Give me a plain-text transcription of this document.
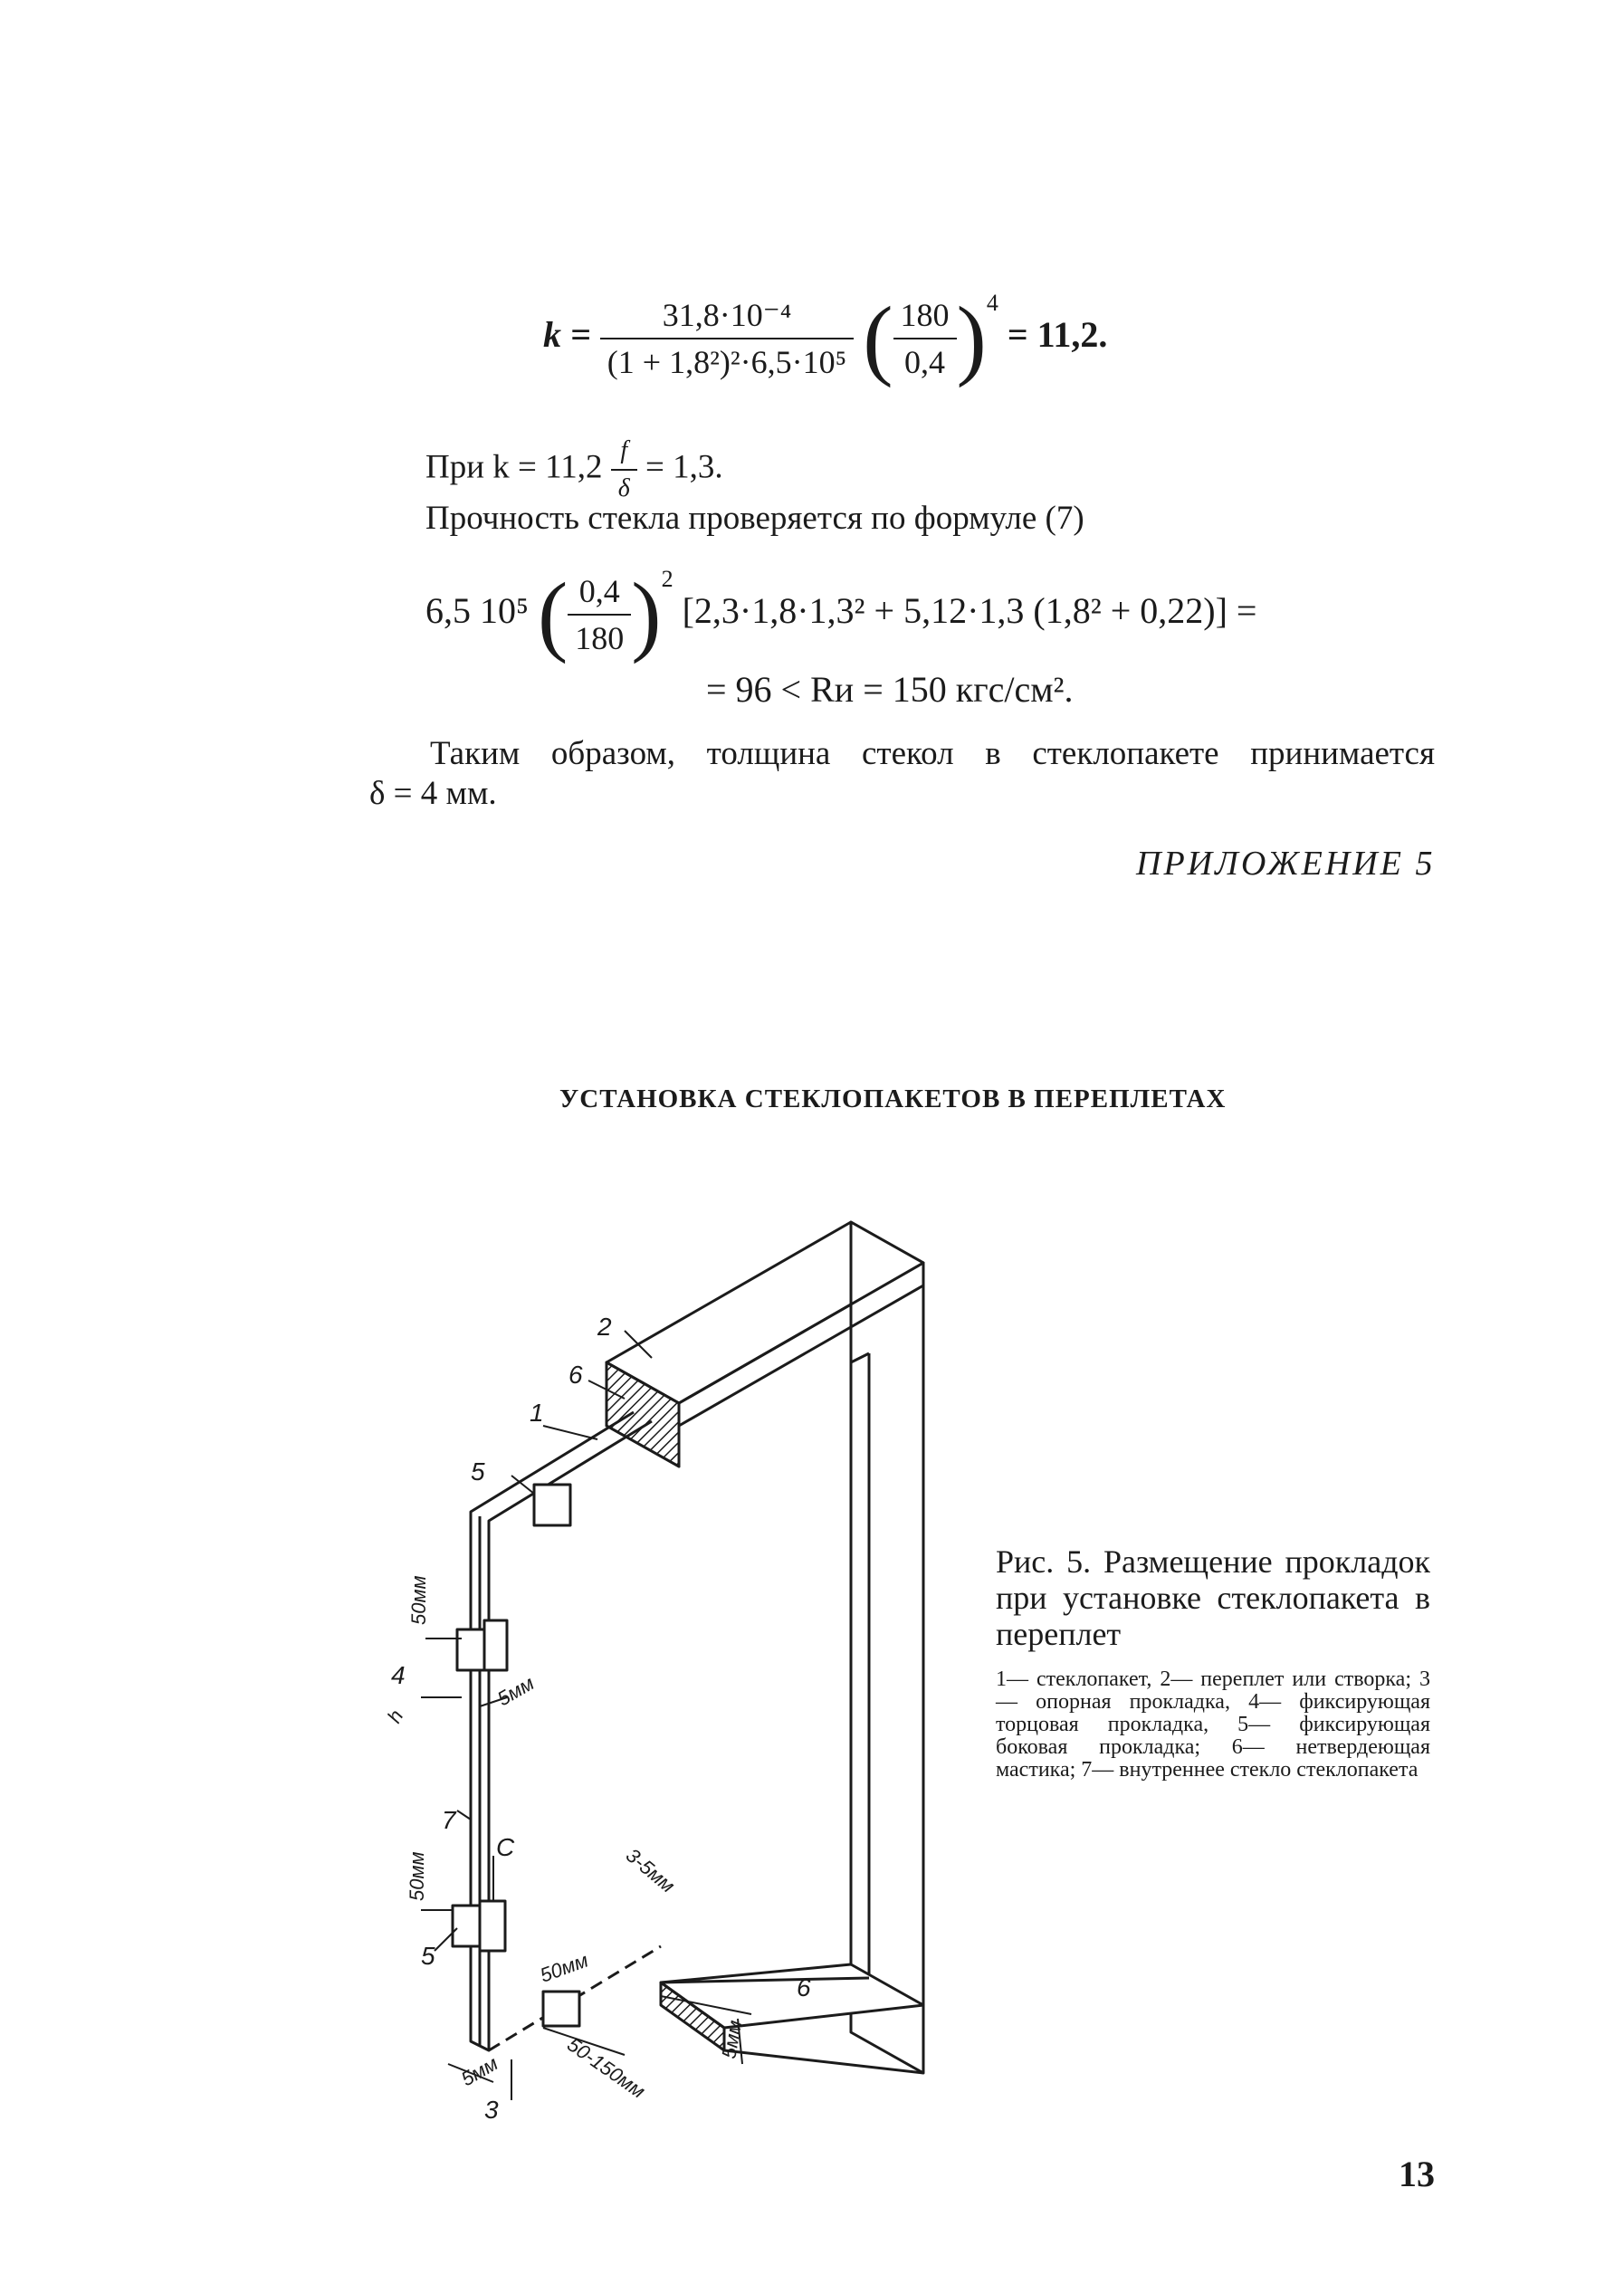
$k = \frac{\text{31,8·10⁻⁴}}{\text{(1 + 1,8²)²·6,5·10⁵}}$ ( $\frac{180}{0,4} )^4 = 11,2$.
При $k = 11,2 \frac{f}{\delta} = 1,3$.
Прочность стекла проверяется по формуле (7)
6,5 10⁵ ( $\frac{0,4}{180} )^2$ [2,3·1,8·1,3² + 5,12·1,3 (1,8² + 0,22)] =
= 96 < Rи = 150 кгс/см².
Таким образом, толщина стекол в стеклопакете принимается
δ = 4 мм.
ПРИЛОЖЕНИЕ 5
УСТАНОВКА СТЕКЛОПАКЕТОВ В ПЕРЕПЛЕТАХ
2
6
1
5
4
7
С
5
6
3
50мм
50мм
50мм
5мм
5мм
5мм
3-5мм
50-150мм
h
Рис. 5. Размещение прокладок при установке стеклопакета в переплет
1— стеклопакет, 2— переплет или створка; 3— опорная прокладка, 4— фиксирующая торцовая прокладка, 5— фиксирующая боковая прокладка; 6— нетвердеющая мастика; 7— внутреннее стекло стеклопакета
13
